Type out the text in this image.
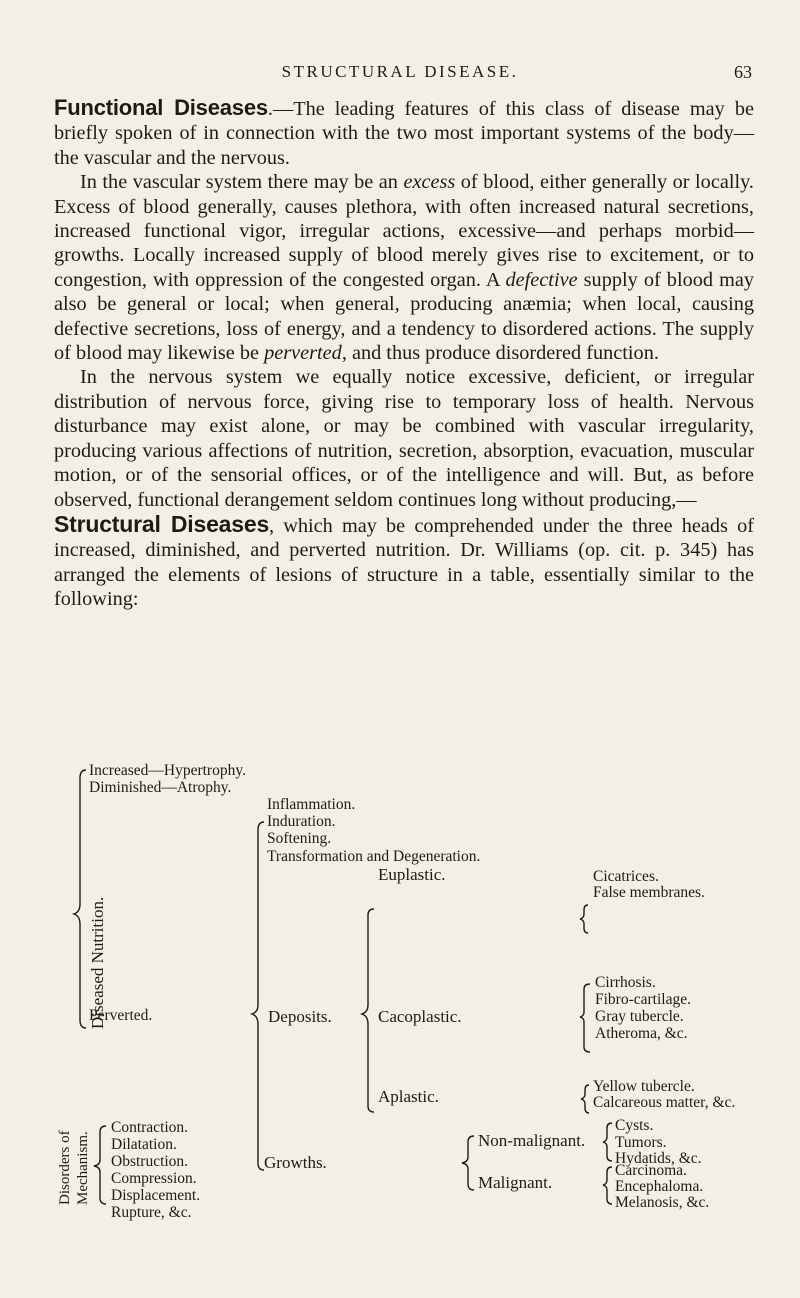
STRUCTURAL DISEASE.	63

Functional Diseases.—The leading features of this class of disease may be briefly spoken of in connection with the two most important systems of the body—the vascular and the nervous.

In the vascular system there may be an excess of blood, either generally or locally. Excess of blood generally, causes plethora, with often increased natural secretions, increased functional vigor, irregular actions, excessive—and perhaps morbid—growths. Locally increased supply of blood merely gives rise to excitement, or to congestion, with oppression of the congested organ. A defective supply of blood may also be general or local; when general, producing anæmia; when local, causing defective secretions, loss of energy, and a tendency to disordered actions. The supply of blood may likewise be perverted, and thus produce disordered function.

In the nervous system we equally notice excessive, deficient, or irregular distribution of nervous force, giving rise to temporary loss of health. Nervous disturbance may exist alone, or may be combined with vascular irregularity, producing various affections of nutrition, secretion, absorption, evacuation, muscular motion, or of the sensorial offices, or of the intelligence and will. But, as before observed, functional derangement seldom continues long without producing,—

Structural Diseases, which may be comprehended under the three heads of increased, diminished, and perverted nutrition. Dr. Williams (op. cit. p. 345) has arranged the elements of lesions of structure in a table, essentially similar to the following:

Diseased Nutrition.
Disorders of Mechanism.
Increased—Hypertrophy.
Diminished—Atrophy.
Perverted.
Inflammation.
Induration.
Softening.
Transformation and Degeneration.
Deposits.
Euplastic.	Cicatrices.
False membranes.
Cacoplastic.
Cirrhosis.
Fibro-cartilage.
Gray tubercle.
Atheroma, &c.
Aplastic.
Yellow tubercle.
Calcareous matter, &c.
Growths.
Non-malignant.
Cysts.
Tumors.
Hydatids, &c.
Malignant.
Carcinoma.
Encephaloma.
Melanosis, &c.
Contraction.
Dilatation.
Obstruction.
Compression.
Displacement.
Rupture, &c.
